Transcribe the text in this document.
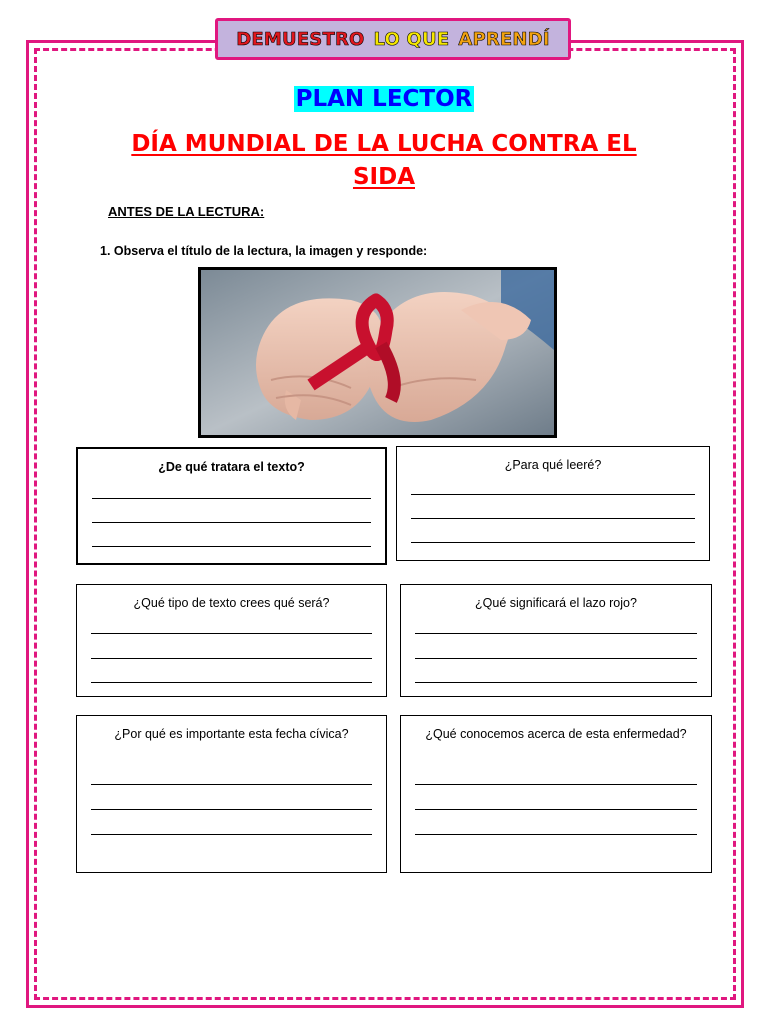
DEMUESTRO LO QUE APRENDÍ
PLAN LECTOR
DÍA MUNDIAL DE LA LUCHA CONTRA EL SIDA
ANTES DE LA LECTURA:
1. Observa el título de la lectura, la imagen y responde:
¿De qué tratara el texto?	¿Para qué leeré?
¿Qué tipo de texto crees qué será?	¿Qué significará el lazo rojo?
¿Por qué es importante esta fecha cívica?	¿Qué conocemos acerca de esta enfermedad?
